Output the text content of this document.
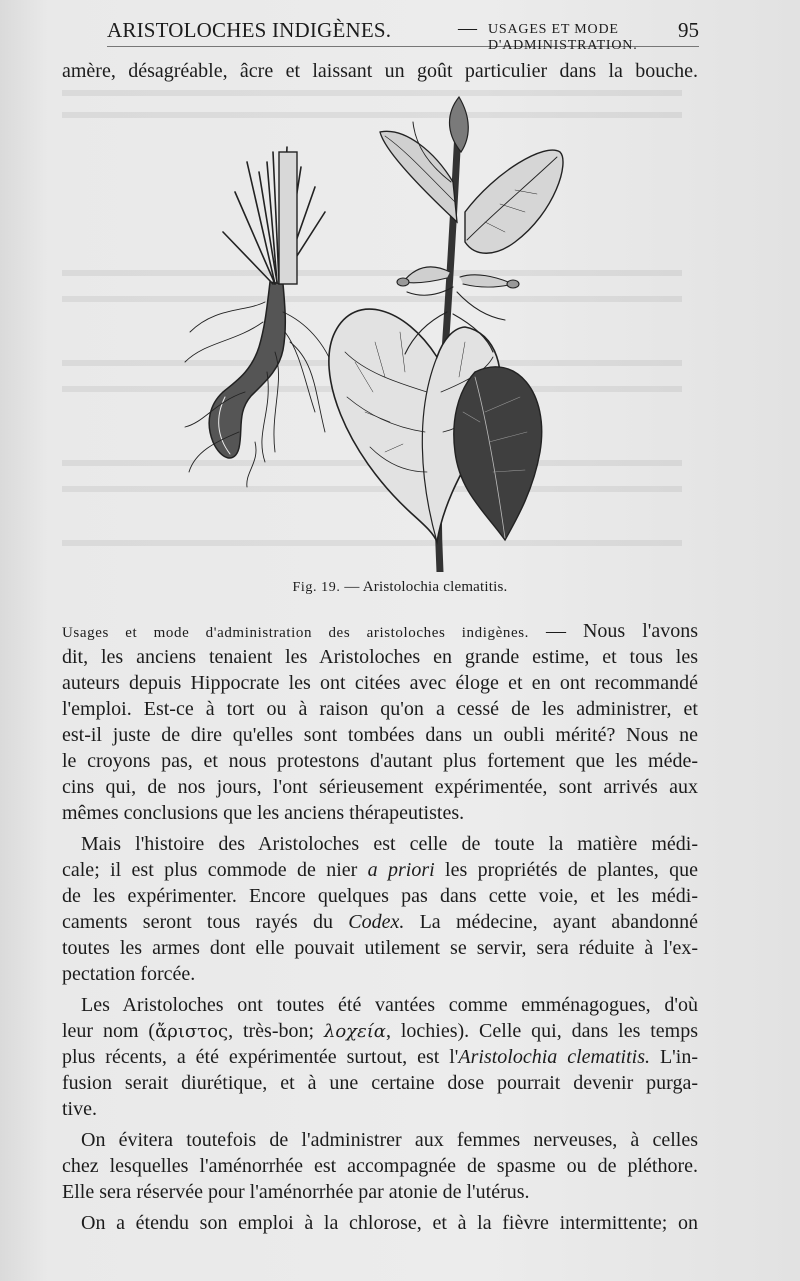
ARISTOLOCHES INDIGÈNES.	— USAGES ET MODE D'ADMINISTRATION.
95
amère, désagréable, âcre et laissant un goût particulier dans la bouche.
Fig. 19. — Aristolochia clematitis.
Usages et mode d'administration des aristoloches indigènes. — Nous l'avons
dit, les anciens tenaient les Aristoloches en grande estime, et tous les
auteurs depuis Hippocrate les ont citées avec éloge et en ont recommandé
l'emploi. Est-ce à tort ou à raison qu'on a cessé de les administrer, et
est-il juste de dire qu'elles sont tombées dans un oubli mérité? Nous ne
le croyons pas, et nous protestons d'autant plus fortement que les méde-
cins qui, de nos jours, l'ont sérieusement expérimentée, sont arrivés aux
mêmes conclusions que les anciens thérapeutistes.
Mais l'histoire des Aristoloches est celle de toute la matière médi-
cale; il est plus commode de nier a priori les propriétés de plantes, que
de les expérimenter. Encore quelques pas dans cette voie, et les médi-
caments seront tous rayés du Codex. La médecine, ayant abandonné
toutes les armes dont elle pouvait utilement se servir, sera réduite à l'ex-
pectation forcée.
Les Aristoloches ont toutes été vantées comme emménagogues, d'où
leur nom (ἄριστος, très-bon; λοχεία, lochies). Celle qui, dans les temps
plus récents, a été expérimentée surtout, est l'Aristolochia clematitis. L'in-
fusion serait diurétique, et à une certaine dose pourrait devenir purga-
tive.
On évitera toutefois de l'administrer aux femmes nerveuses, à celles
chez lesquelles l'aménorrhée est accompagnée de spasme ou de pléthore.
Elle sera réservée pour l'aménorrhée par atonie de l'utérus.
On a étendu son emploi à la chlorose, et à la fièvre intermittente; on
